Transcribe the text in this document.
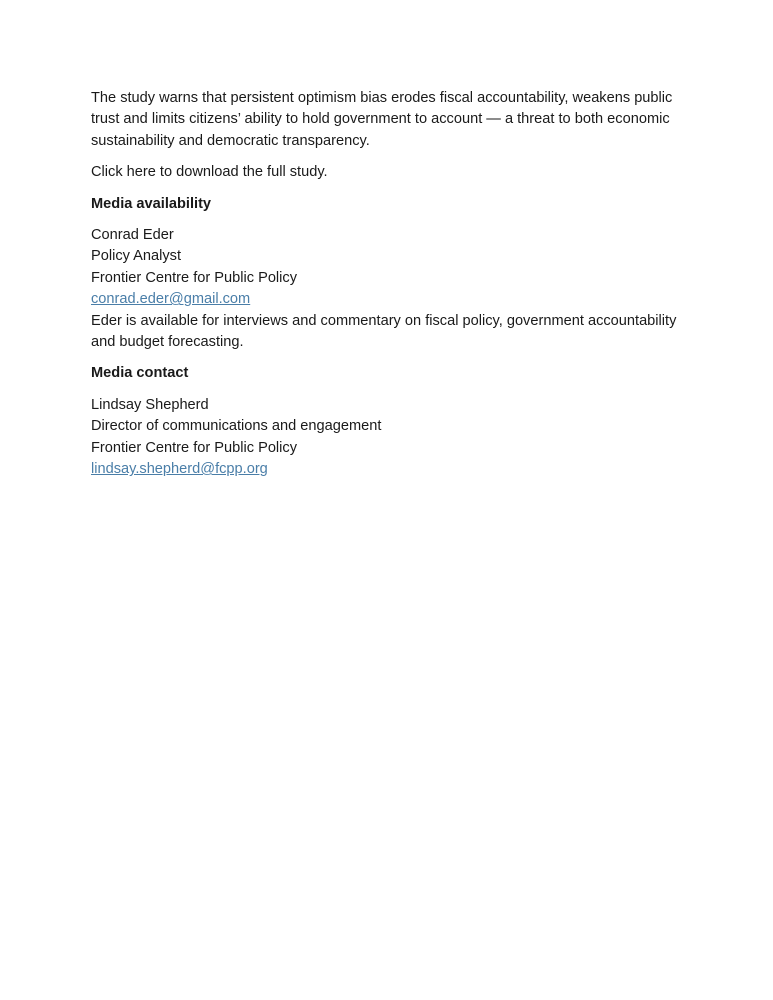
The study warns that persistent optimism bias erodes fiscal accountability, weakens public trust and limits citizens’ ability to hold government to account — a threat to both economic sustainability and democratic transparency.

Click here to download the full study.

Media availability

Conrad Eder
Policy Analyst
Frontier Centre for Public Policy
conrad.eder@gmail.com
Eder is available for interviews and commentary on fiscal policy, government accountability and budget forecasting.

Media contact

Lindsay Shepherd
Director of communications and engagement
Frontier Centre for Public Policy
lindsay.shepherd@fcpp.org
